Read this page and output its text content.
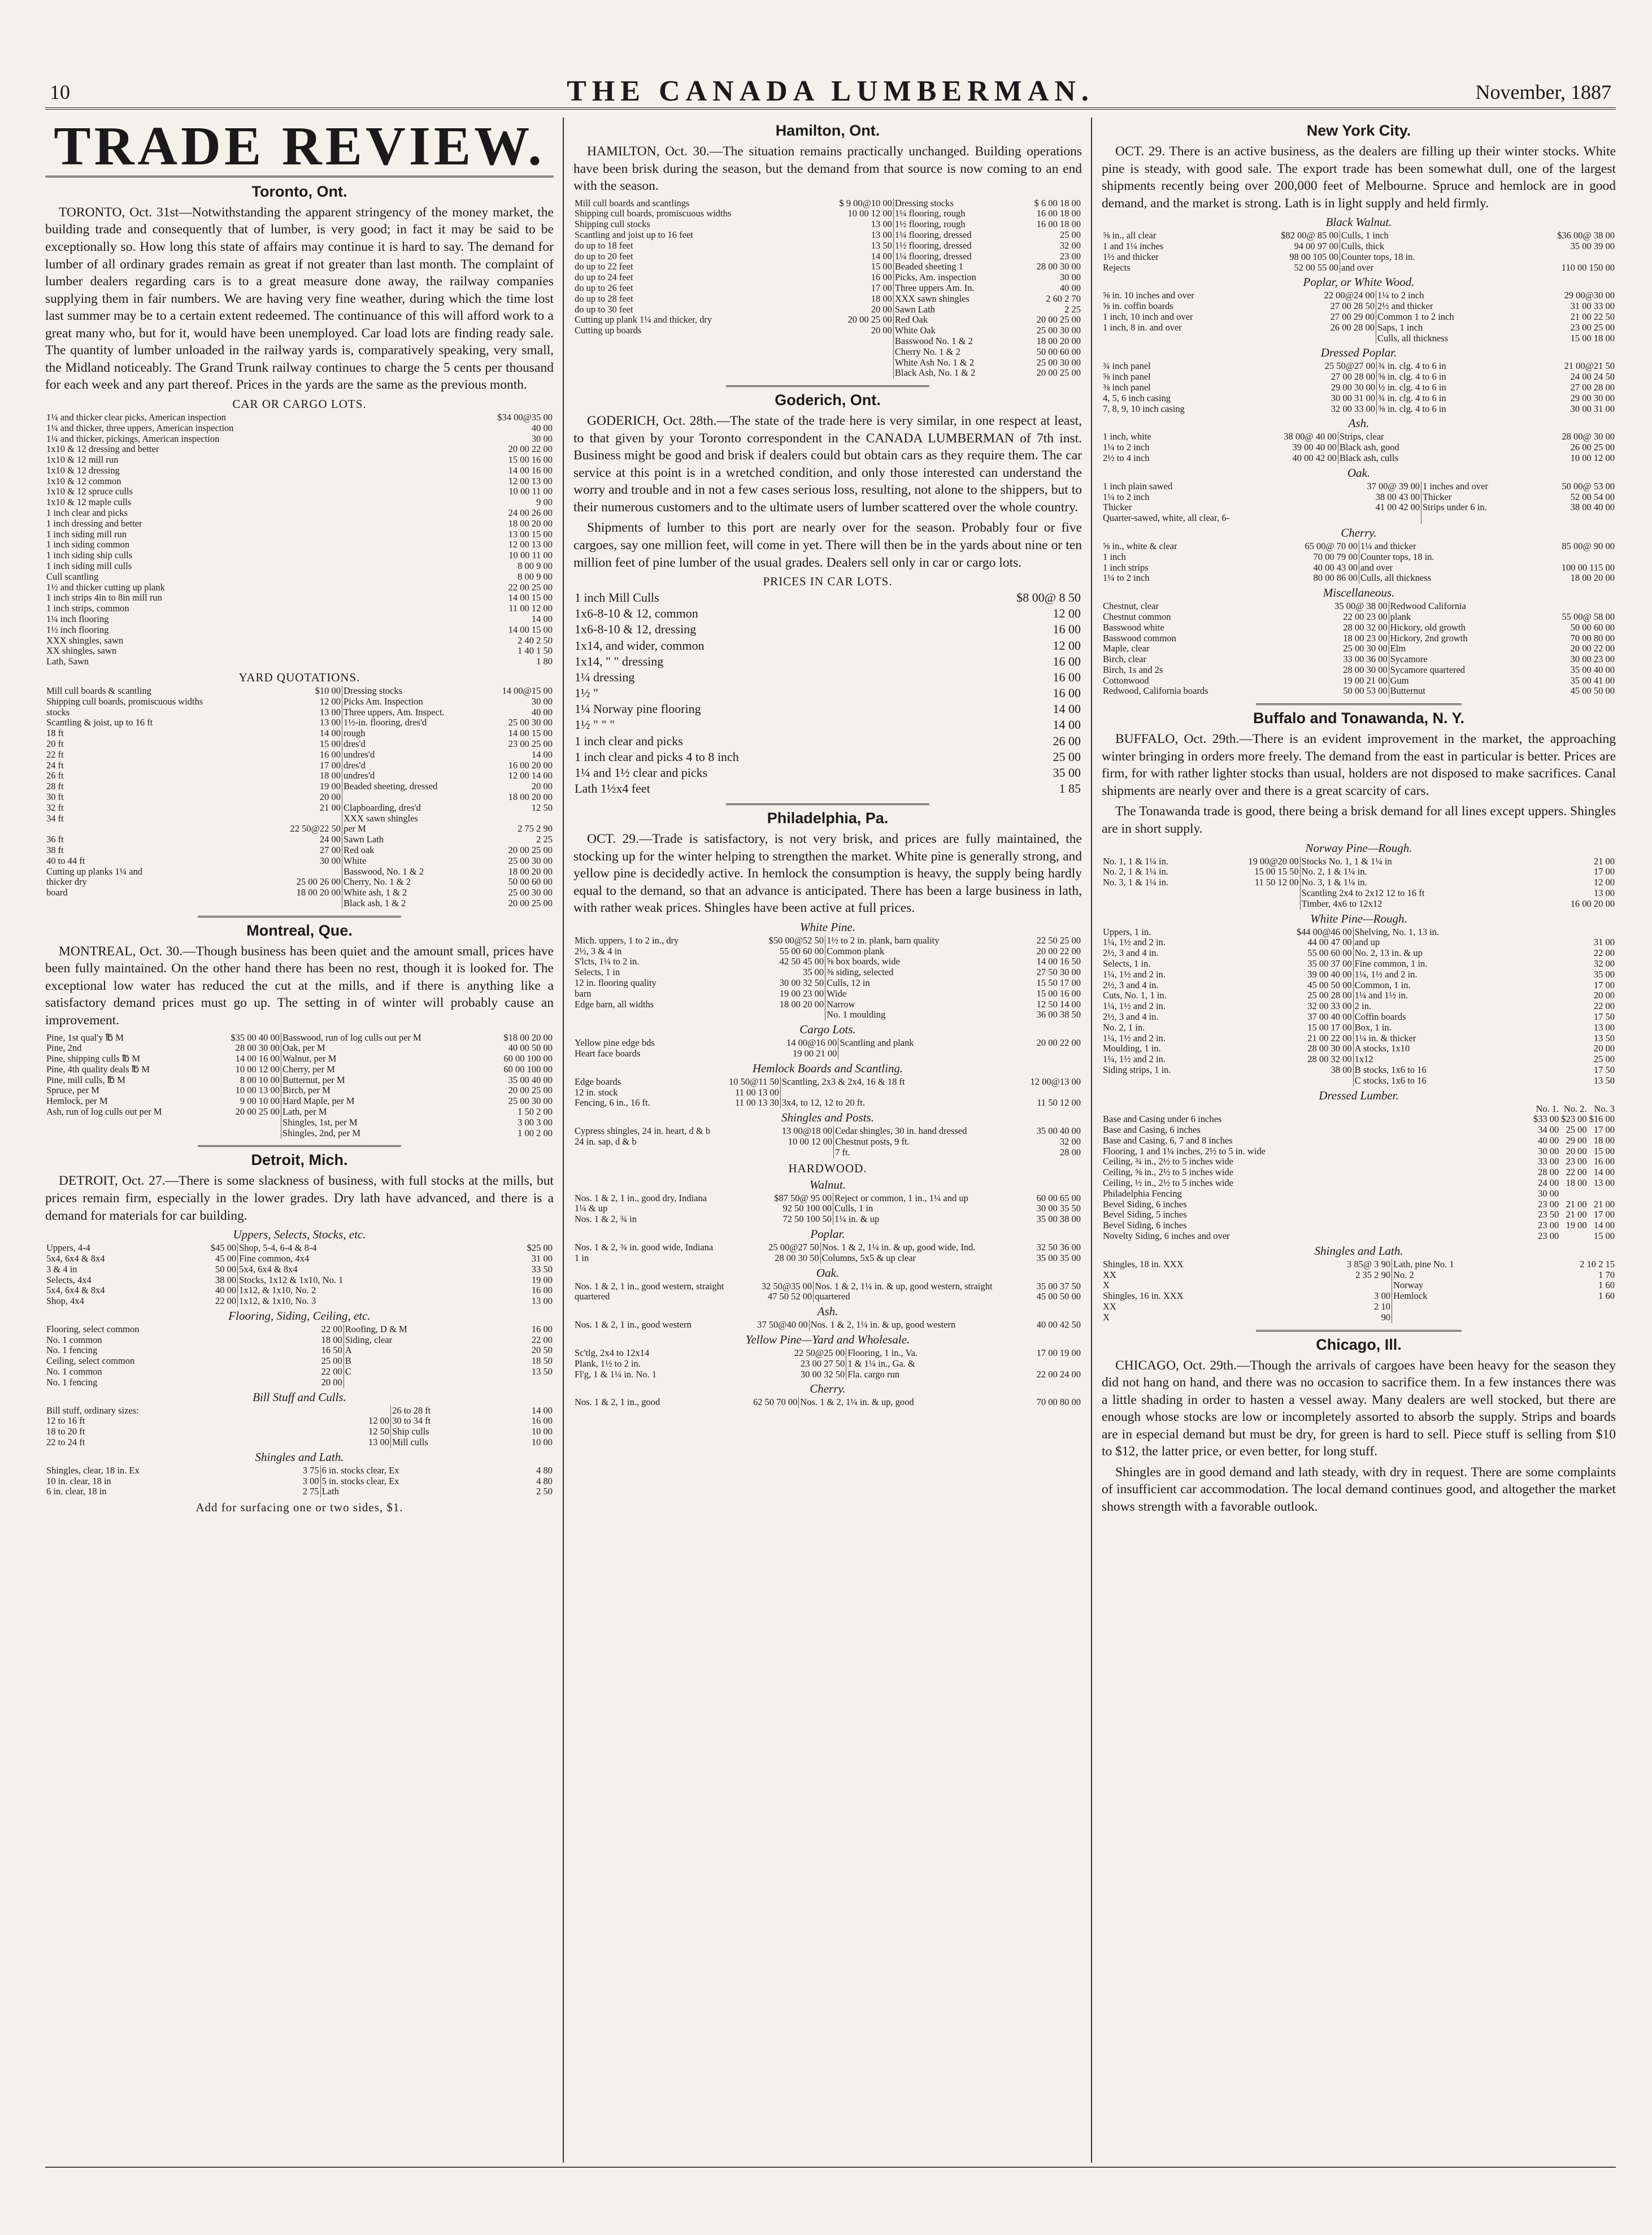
10	THE CANADA LUMBERMAN.	November, 1887
TRADE REVIEW.
Toronto, Ont.

TORONTO, Oct. 31st—Notwithstanding the apparent stringency of the money market, the building trade and consequently that of lumber, is very good; in fact it may be said to be exceptionally so. How long this state of affairs may continue it is hard to say. The demand for lumber of all ordinary grades remain as great if not greater than last month. The complaint of lumber dealers regarding cars is to a great measure done away, the railway companies supplying them in fair numbers. We are having very fine weather, during which the time lost last summer may be to a certain extent redeemed. The continuance of this will afford work to a great many who, but for it, would have been unemployed. Car load lots are finding ready sale. The quantity of lumber unloaded in the railway yards is, comparatively speaking, very small, the Midland noticeably. The Grand Trunk railway continues to charge the 5 cents per thousand for each week and any part thereof. Prices in the yards are the same as the previous month.

CAR OR CARGO LOTS.
1¼ and thicker clear picks, American inspection	$34 00@35 00
1¼ and thicker, three uppers, American inspection	40 00
1¼ and thicker, pickings, American inspection	30 00
1x10 & 12 dressing and better	20 00 22 00
1x10 & 12 mill run	15 00 16 00
1x10 & 12 dressing	14 00 16 00
1x10 & 12 common	12 00 13 00
1x10 & 12 spruce culls	10 00 11 00
1x10 & 12 maple culls	9 00
1 inch clear and picks	24 00 26 00
1 inch dressing and better	18 00 20 00
1 inch siding mill run	13 00 15 00
1 inch siding common	12 00 13 00
1 inch siding ship culls	10 00 11 00
1 inch siding mill culls	8 00 9 00
Cull scantling	8 00 9 00
1½ and thicker cutting up plank	22 00 25 00
1 inch strips 4in to 8in mill run	14 00 15 00
1 inch strips, common	11 00 12 00
1¼ inch flooring	14 00
1½ inch flooring	14 00 15 00
XXX shingles, sawn	2 40 2 50
XX shingles, sawn	1 40 1 50
Lath, Sawn	1 80
YARD QUOTATIONS.
Mill cull boards & scantling	$10 00	Dressing stocks	14 00@15 00
Shipping cull boards, promiscuous widths	12 00	Picks Am. Inspection	30 00
stocks	13 00	Three uppers, Am. Inspect.	40 00
Scantling & joist, up to 16 ft	13 00	1½-in. flooring, dres'd	25 00 30 00
18 ft	14 00	rough	14 00 15 00
20 ft	15 00	dres'd	23 00 25 00
22 ft	16 00	undres'd	14 00
24 ft	17 00	dres'd	16 00 20 00
26 ft	18 00	undres'd	12 00 14 00
28 ft	19 00	Beaded sheeting, dressed	20 00
30 ft	20 00		18 00 20 00
32 ft	21 00	Clapboarding, dres'd	12 50
34 ft		XXX sawn shingles	
	22 50@22 50	per M	2 75 2 90
36 ft	24 00	Sawn Lath	2 25
38 ft	27 00	Red oak	20 00 25 00
40 to 44 ft	30 00	White	25 00 30 00
Cutting up planks 1¼ and		Basswood, No. 1 & 2	18 00 20 00
thicker dry	25 00 26 00	Cherry, No. 1 & 2	50 00 60 00
board	18 00 20 00	White ash, 1 & 2	25 00 30 00
		Black ash, 1 & 2	20 00 25 00
Montreal, Que.

MONTREAL, Oct. 30.—Though business has been quiet and the amount small, prices have been fully maintained. On the other hand there has been no rest, though it is looked for. The exceptional low water has reduced the cut at the mills, and if there is anything like a satisfactory demand prices must go up. The setting in of winter will probably cause an improvement.

Pine, 1st qual'y ℔ M	$35 00 40 00	Basswood, run of log culls out per M	$18 00 20 00
Pine, 2nd	28 00 30 00	Oak, per M	40 00 50 00
Pine, shipping culls ℔ M	14 00 16 00	Walnut, per M	60 00 100 00
Pine, 4th quality deals ℔ M	10 00 12 00	Cherry, per M	60 00 100 00
Pine, mill culls, ℔ M	8 00 10 00	Butternut, per M	35 00 40 00
Spruce, per M	10 00 13 00	Birch, per M	20 00 25 00
Hemlock, per M	9 00 10 00	Hard Maple, per M	25 00 30 00
Ash, run of log culls out per M	20 00 25 00	Lath, per M	1 50 2 00
		Shingles, 1st, per M	3 00 3 00
		Shingles, 2nd, per M	1 00 2 00
Detroit, Mich.

DETROIT, Oct. 27.—There is some slackness of business, with full stocks at the mills, but prices remain firm, especially in the lower grades. Dry lath have advanced, and there is a demand for materials for car building.

Uppers, Selects, Stocks, etc.
Uppers, 4-4	$45 00	Shop, 5-4, 6-4 & 8-4	$25 00
5x4, 6x4 & 8x4	45 00	Fine common, 4x4	31 00
3 & 4 in	50 00	5x4, 6x4 & 8x4	33 50
Selects, 4x4	38 00	Stocks, 1x12 & 1x10, No. 1	19 00
5x4, 6x4 & 8x4	40 00	1x12, & 1x10, No. 2	16 00
Shop, 4x4	22 00	1x12, & 1x10, No. 3	13 00
Flooring, Siding, Ceiling, etc.
Flooring, select common	22 00	Roofing, D & M	16 00
No. 1 common	18 00	Siding, clear	22 00
No. 1 fencing	16 50	A	20 50
Ceiling, select common	25 00	B	18 50
No. 1 common	22 00	C	13 50
No. 1 fencing	20 00		
Bill Stuff and Culls.
Bill stuff, ordinary sizes:		26 to 28 ft	14 00
12 to 16 ft	12 00	30 to 34 ft	16 00
18 to 20 ft	12 50	Ship culls	10 00
22 to 24 ft	13 00	Mill culls	10 00
Shingles and Lath.
Shingles, clear, 18 in. Ex	3 75	6 in. stocks clear, Ex	4 80
10 in. clear, 18 in	3 00	5 in. stocks clear, Ex	4 80
6 in. clear, 18 in	2 75	Lath	2 50
Add for surfacing one or two sides, $1.
Hamilton, Ont.

HAMILTON, Oct. 30.—The situation remains practically unchanged. Building operations have been brisk during the season, but the demand from that source is now coming to an end with the season.

Mill cull boards and scantlings	$ 9 00@10 00	Dressing stocks	$ 6 00 18 00
Shipping cull boards, promiscuous widths	10 00 12 00	1¼ flooring, rough	16 00 18 00
Shipping cull stocks	13 00	1½ flooring, rough	16 00 18 00
Scantling and joist up to 16 feet	13 00	1¼ flooring, dressed	25 00
do up to 18 feet	13 50	1½ flooring, dressed	32 00
do up to 20 feet	14 00	1¼ flooring, dressed	23 00
do up to 22 feet	15 00	Beaded sheeting 1	28 00 30 00
do up to 24 feet	16 00	Picks, Am. inspection	30 00
do up to 26 feet	17 00	Three uppers Am. In.	40 00
do up to 28 feet	18 00	XXX sawn shingles	2 60 2 70
do up to 30 feet	20 00	Sawn Lath	2 25
Cutting up plank 1¼ and thicker, dry	20 00 25 00	Red Oak	20 00 25 00
Cutting up boards	20 00	White Oak	25 00 30 00
		Basswood No. 1 & 2	18 00 20 00
		Cherry No. 1 & 2	50 00 60 00
		White Ash No. 1 & 2	25 00 30 00
		Black Ash, No. 1 & 2	20 00 25 00
Goderich, Ont.

GODERICH, Oct. 28th.—The state of the trade here is very similar, in one respect at least, to that given by your Toronto correspondent in the CANADA LUMBERMAN of 7th inst. Business might be good and brisk if dealers could but obtain cars as they require them. The car service at this point is in a wretched condition, and only those interested can understand the worry and trouble and in not a few cases serious loss, resulting, not alone to the shippers, but to their numerous customers and to the ultimate users of lumber scattered over the whole country.

Shipments of lumber to this port are nearly over for the season. Probably four or five cargoes, say one million feet, will come in yet. There will then be in the yards about nine or ten million feet of pine lumber of the usual grades. Dealers sell only in car or cargo lots.

PRICES IN CAR LOTS.
1 inch Mill Culls	$8 00@ 8 50
1x6-8-10 & 12, common	12 00
1x6-8-10 & 12, dressing	16 00
1x14, and wider, common	12 00
1x14, " " dressing	16 00
1¼ dressing	16 00
1½ "	16 00
1¼ Norway pine flooring	14 00
1½ " " "	14 00
1 inch clear and picks	26 00
1 inch clear and picks 4 to 8 inch	25 00
1¼ and 1½ clear and picks	35 00
Lath 1½x4 feet	1 85
Philadelphia, Pa.

OCT. 29.—Trade is satisfactory, is not very brisk, and prices are fully maintained, the stocking up for the winter helping to strengthen the market. White pine is generally strong, and yellow pine is decidedly active. In hemlock the consumption is heavy, the supply being hardly equal to the demand, so that an advance is anticipated. There has been a large business in lath, with rather weak prices. Shingles have been active at full prices.

White Pine.
Mich. uppers, 1 to 2 in., dry	$50 00@52 50	1½ to 2 in. plank, barn quality	22 50 25 00
2½, 3 & 4 in	55 00 60 00	Common plank	20 00 22 00
S'lcts, 1¼ to 2 in.	42 50 45 00	⅝ box boards, wide	14 00 16 50
Selects, 1 in	35 00	⅜ siding, selected	27 50 30 00
12 in. flooring quality	30 00 32 50	Culls, 12 in	15 50 17 00
barn	19 00 23 00	Wide	15 00 16 00
Edge barn, all widths	18 00 20 00	Narrow	12 50 14 00
		No. 1 moulding	36 00 38 50
Cargo Lots.
Yellow pine edge bds	14 00@16 00	Scantling and plank	20 00 22 00
Heart face boards	19 00 21 00		
Hemlock Boards and Scantling.
Edge boards	10 50@11 50	Scantling, 2x3 & 2x4, 16 & 18 ft	12 00@13 00
12 in. stock	11 00 13 00		
Fencing, 6 in., 16 ft.	11 00 13 30	3x4, to 12, 12 to 20 ft.	11 50 12 00
Shingles and Posts.
Cypress shingles, 24 in. heart, d & b	13 00@18 00	Cedar shingles, 30 in. hand dressed	35 00 40 00
24 in. sap, d & b	10 00 12 00	Chestnut posts, 9 ft.	32 00
		7 ft.	28 00
HARDWOOD.
Walnut.
Nos. 1 & 2, 1 in., good dry, Indiana	$87 50@ 95 00	Reject or common, 1 in., 1¼ and up	60 00 65 00
1¼ & up	92 50 100 00	Culls, 1 in	30 00 35 50
Nos. 1 & 2, ¾ in	72 50 100 50	1¼ in. & up	35 00 38 00
Poplar.
Nos. 1 & 2, ¾ in. good wide, Indiana	25 00@27 50	Nos. 1 & 2, 1¼ in. & up, good wide, Ind.	32 50 36 00
1 in	28 00 30 50	Columns, 5x5 & up clear	35 00 35 00
Oak.
Nos. 1 & 2, 1 in., good western, straight	32 50@35 00	Nos. 1 & 2, 1¼ in. & up, good western, straight	35 00 37 50
quartered	47 50 52 00	quartered	45 00 50 00
Ash.
Nos. 1 & 2, 1 in., good western	37 50@40 00	Nos. 1 & 2, 1¼ in. & up, good western	40 00 42 50
Yellow Pine—Yard and Wholesale.
Sc'tlg, 2x4 to 12x14	22 50@25 00	Flooring, 1 in., Va.	17 00 19 00
Plank, 1½ to 2 in.	23 00 27 50	1 & 1¼ in., Ga. &	
Fl'g, 1 & 1¼ in. No. 1	30 00 32 50	Fla. cargo run	22 00 24 00
Cherry.
Nos. 1 & 2, 1 in., good	62 50 70 00	Nos. 1 & 2, 1¼ in. & up, good	70 00 80 00
New York City.

OCT. 29. There is an active business, as the dealers are filling up their winter stocks. White pine is steady, with good sale. The export trade has been somewhat dull, one of the largest shipments recently being over 200,000 feet of Melbourne. Spruce and hemlock are in good demand, and the market is strong. Lath is in light supply and held firmly.

Black Walnut.
⅝ in., all clear	$82 00@ 85 00	Culls, 1 inch	$36 00@ 38 00
1 and 1¼ inches	94 00 97 00	Culls, thick	35 00 39 00
1½ and thicker	98 00 105 00	Counter tops, 18 in.	
Rejects	52 00 55 00	and over	110 00 150 00
Poplar, or White Wood.
⅝ in. 10 inches and over	22 00@24 00	1¼ to 2 inch	29 00@30 00
⅝ in. coffin boards	27 00 28 50	2½ and thicker	31 00 33 00
1 inch, 10 inch and over	27 00 29 00	Common 1 to 2 inch	21 00 22 50
1 inch, 8 in. and over	26 00 28 00	Saps, 1 inch	23 00 25 00
		Culls, all thickness	15 00 18 00
Dressed Poplar.
¾ inch panel	25 50@27 00	¾ in. clg. 4 to 6 in	21 00@21 50
⅝ inch panel	27 00 28 00	⅝ in. clg. 4 to 6 in	24 00 24 50
⅜ inch panel	29 00 30 00	½ in. clg. 4 to 6 in	27 00 28 00
4, 5, 6 inch casing	30 00 31 00	¾ in. clg. 4 to 6 in	29 00 30 00
7, 8, 9, 10 inch casing	32 00 33 00	⅝ in. clg. 4 to 6 in	30 00 31 00
Ash.
1 inch, white	38 00@ 40 00	Strips, clear	28 00@ 30 00
1¼ to 2 inch	39 00 40 00	Black ash, good	26 00 25 00
2½ to 4 inch	40 00 42 00	Black ash, culls	10 00 12 00
Oak.
1 inch plain sawed	37 00@ 39 00	1 inches and over	50 00@ 53 00
1¼ to 2 inch	38 00 43 00	Thicker	52 00 54 00
Thicker	41 00 42 00	Strips under 6 in.	38 00 40 00
Quarter-sawed, white, all clear, 6-			
Cherry.
⅝ in., white & clear	65 00@ 70 00	1¼ and thicker	85 00@ 90 00
1 inch	70 00 79 00	Counter tops, 18 in.	
1 inch strips	40 00 43 00	and over	100 00 115 00
1¼ to 2 inch	80 00 86 00	Culls, all thickness	18 00 20 00
Miscellaneous.
Chestnut, clear	35 00@ 38 00	Redwood California	
Chestnut common	22 00 23 00	plank	55 00@ 58 00
Basswood white	28 00 32 00	Hickory, old growth	50 00 60 00
Basswood common	18 00 23 00	Hickory, 2nd growth	70 00 80 00
Maple, clear	25 00 30 00	Elm	20 00 22 00
Birch, clear	33 00 36 00	Sycamore	30 00 23 00
Birch, 1s and 2s	28 00 30 00	Sycamore quartered	35 00 40 00
Cottonwood	19 00 21 00	Gum	35 00 41 00
Redwood, California boards	50 00 53 00	Butternut	45 00 50 00
Buffalo and Tonawanda, N. Y.

BUFFALO, Oct. 29th.—There is an evident improvement in the market, the approaching winter bringing in orders more freely. The demand from the east in particular is better. Prices are firm, for with rather lighter stocks than usual, holders are not disposed to make sacrifices. Canal shipments are nearly over and there is a great scarcity of cars.

The Tonawanda trade is good, there being a brisk demand for all lines except uppers. Shingles are in short supply.

Norway Pine—Rough.
No. 1, 1 & 1¼ in.	19 00@20 00	Stocks No. 1, 1 & 1¼ in	21 00
No. 2, 1 & 1¼ in.	15 00 15 50	No. 2, 1 & 1¼ in.	17 00
No. 3, 1 & 1¼ in.	11 50 12 00	No. 3, 1 & 1¼ in.	12 00
		Scantling 2x4 to 2x12 12 to 16 ft	13 00
		Timber, 4x6 to 12x12	16 00 20 00
White Pine—Rough.
Uppers, 1 in.	$44 00@46 00	Shelving, No. 1, 13 in.	
1¼, 1½ and 2 in.	44 00 47 00	and up	31 00
2½, 3 and 4 in.	55 00 60 00	No. 2, 13 in. & up	22 00
Selects, 1 in.	35 00 37 00	Fine common, 1 in.	32 00
1¼, 1½ and 2 in.	39 00 40 00	1¼, 1½ and 2 in.	35 00
2½, 3 and 4 in.	45 00 50 00	Common, 1 in.	17 00
Cuts, No. 1, 1 in.	25 00 28 00	1¼ and 1½ in.	20 00
1¼, 1½ and 2 in.	32 00 33 00	2 in.	22 00
2½, 3 and 4 in.	37 00 40 00	Coffin boards	17 50
No. 2, 1 in.	15 00 17 00	Box, 1 in.	13 00
1¼, 1½ and 2 in.	21 00 22 00	1¼ in. & thicker	13 50
Moulding, 1 in.	28 00 30 00	A stocks, 1x10	20 00
1¼, 1½ and 2 in.	28 00 32 00	1x12	25 00
Siding strips, 1 in.	38 00	B stocks, 1x6 to 16	17 50
		C stocks, 1x6 to 16	13 50
Dressed Lumber.
	No. 1.	No. 2.	No. 3
Base and Casing under 6 inches	$33 00	$23 00	$16 00
Base and Casing, 6 inches	34 00	25 00	17 00
Base and Casing, 6, 7 and 8 inches	40 00	29 00	18 00
Flooring, 1 and 1¼ inches, 2½ to 5 in. wide	30 00	20 00	15 00
Ceiling, ¾ in., 2½ to 5 inches wide	33 00	23 00	16 00
Ceiling, ⅝ in., 2½ to 5 inches wide	28 00	22 00	14 00
Ceiling, ½ in., 2½ to 5 inches wide	24 00	18 00	13 00
Philadelphia Fencing	30 00		
Bevel Siding, 6 inches	23 00	21 00	21 00
Bevel Siding, 5 inches	23 50	21 00	17 00
Bevel Siding, 6 inches	23 00	19 00	14 00
Novelty Siding, 6 inches and over	23 00		15 00
Shingles and Lath.
Shingles, 18 in. XXX	3 85@ 3 90	Lath, pine No. 1	2 10 2 15
XX	2 35 2 90	No. 2	1 70
X		Norway	1 60
Shingles, 16 in. XXX	3 00	Hemlock	1 60
XX	2 10		
X	90		
Chicago, Ill.

CHICAGO, Oct. 29th.—Though the arrivals of cargoes have been heavy for the season they did not hang on hand, and there was no occasion to sacrifice them. In a few instances there was a little shading in order to hasten a vessel away. Many dealers are well stocked, but there are enough whose stocks are low or incompletely assorted to absorb the supply. Strips and boards are in especial demand but must be dry, for green is hard to sell. Piece stuff is selling from $10 to $12, the latter price, or even better, for long stuff.

Shingles are in good demand and lath steady, with dry in request. There are some complaints of insufficient car accommodation. The local demand continues good, and altogether the market shows strength with a favorable outlook.
